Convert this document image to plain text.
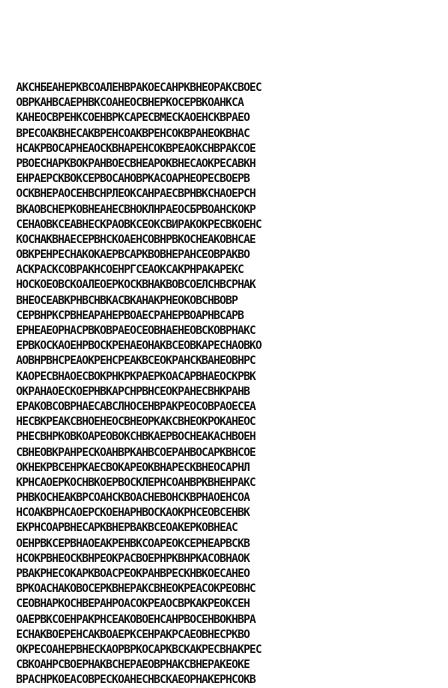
АКСНБЕАНЕРКВСОАЛЕНВРАКОЕСАНРКВНЕОРАКСВОЕС
ОВРКАНВСАЕРНВКСОАНЕОСВНЕРКОСЕРВКОАНКСА
КАНЕОСВРЕНКСОЕНВРКСАРЕСВМЕСКАОЕНСКВРАЕО
ВРЕСОАКВНЕСАКВРЕНСОАКВРЕНСОКВРАНЕОКВНАС
НСАКРВОСАРНЕАОСКВНАРЕНСОКВРЕАОКСНВРАКСОЕ
РВОЕСНАРКВОКРАНВОЕСВНЕАРОКВНЕСАОКРЕСАВКН
ЕНРАЕРСКВОКСЕРВОСАНОВРКАСОАРНЕОРЕСВОЕРВ
ОСКВНЕРАОСЕНВСНРЛЕОКСАНРАЕСВРНВКСНАОЕРСН
ВКАОВСНЕРКОВНЕАНЕСВНОКЛНРАЕОСБРВОАНСКОКР
СЕНАОВКСЕАВНЕСКРАОВКСЕОКСВИРАКОКРЕСВКОЕНС
КОСНАКВНАЕСЕРВНСКОАЕНСОВНРВКОСНЕАКОВНСАЕ
ОВКРЕНРЕСНАКОКАЕРВСАРКВОВНЕРАНСЕОВРАКВО
АСКРАСКСОВРАКНСОЕНРГСЕАОКСАКРНРАКАРЕКС
НОСКОЕОВСКОАЛЕОЕРКОСКВНАКВОВСОЕЛСНВСРНАК
ВНЕОСЕАВКРНВСНВКАСВКАНАКРНЕОКОВСНВОВР
СЕРВНРКСРВНЕАРАНЕРВОАЕСРАНЕРВОАРНВСАРВ
ЕРНЕАЕОРНАСРВКОВРАЕОСЕОВНАЕНЕОВСКОВРНАКС
ЕРВКОСКАОЕНРВОСКРЕНАЕОНАКВСЕОВКАРЕСНАОВКО
АОВНРВНСРЕАОКРЕНСРЕАКВСЕОКРАНСКВАНЕОВНРС
КАОРЕСВНАОЕСВОКРНКРКРАЕРКОАСАРВНАЕОСКРВК
ОКРАНАОЕСКОЕРНВКАРСНРВНСЕОКРАНЕСВНКРАНВ
ЕРАКОВСОВРНАЕСАВСЛНОСЕНВРАКРЕОСОВРАОЕСЕА
НЕСВКРЕАКСВНОЕНЕОСВНЕОРКАКСВНЕОКРОКАНЕОС
РНЕСВНРКОВКОАРЕОВОКСНВКАЕРВОСНЕАКАСНВОЕН
СВНЕОВКРАНРЕСКОАНВРКАНВСОЕРАНВОСАРКВНСОЕ
ОКНЕКРВСЕНРКАЕСВОКАРЕОКВНАРЕСКВНЕОСАРНЛ
КРНСАОЕРКОСНВКОЕРВОСКЛЕРНСОАНВРКВНЕНРАКС
РНВКОСНЕАКВРСОАНСКВОАСНЕВОНСКВРНАОЕНСОА
НСОАКВРНСАОЕРСКОЕНАРНВОСКАОКРНСЕОВСЕНВК
ЕКРНСОАРВНЕСАРКВНЕРВАКВСЕОАКЕРКОВНЕАС
ОЕНРВКСЕРВНАОЕАКРЕНВКСОАРЕОКСЕРНЕАРВСКВ
НСОКРВНЕОСКВНРЕОКРАСВОЕРНРКВНРКАСОВНАОК
РВАКРНЕСОКАРКВОАСРЕОКРАНВРЕСКНВКОЕСАНЕО
ВРКОАСНАКОВОСЕРКВНЕРАКСВНЕОКРЕАСОКРЕОВНС
СЕОВНАРКОСНВЕРАНРОАСОКРЕАОСВРКАКРЕОКСЕН
ОАЕРВКСОЕНРАКРНСЕАКОВОЕНСАНРВОСЕНВОКНВРА
ЕСНАКВОЕРЕНСАКВОАЕРКСЕНРАКРСАЕОВНЕСРКВО
ОКРЕСОАНЕРВНЕСКАОРВРКОСАРКВСКАКРЕСВНАКРЕС
СВКОАНРСВОЕРНАКВСНЕРАЕОВРНАКСВНЕРАКЕОКЕ
ВРАСНРКОЕАСОВРЕСКОАНЕСНВСКАЕОРНАКЕРНСОКВ
